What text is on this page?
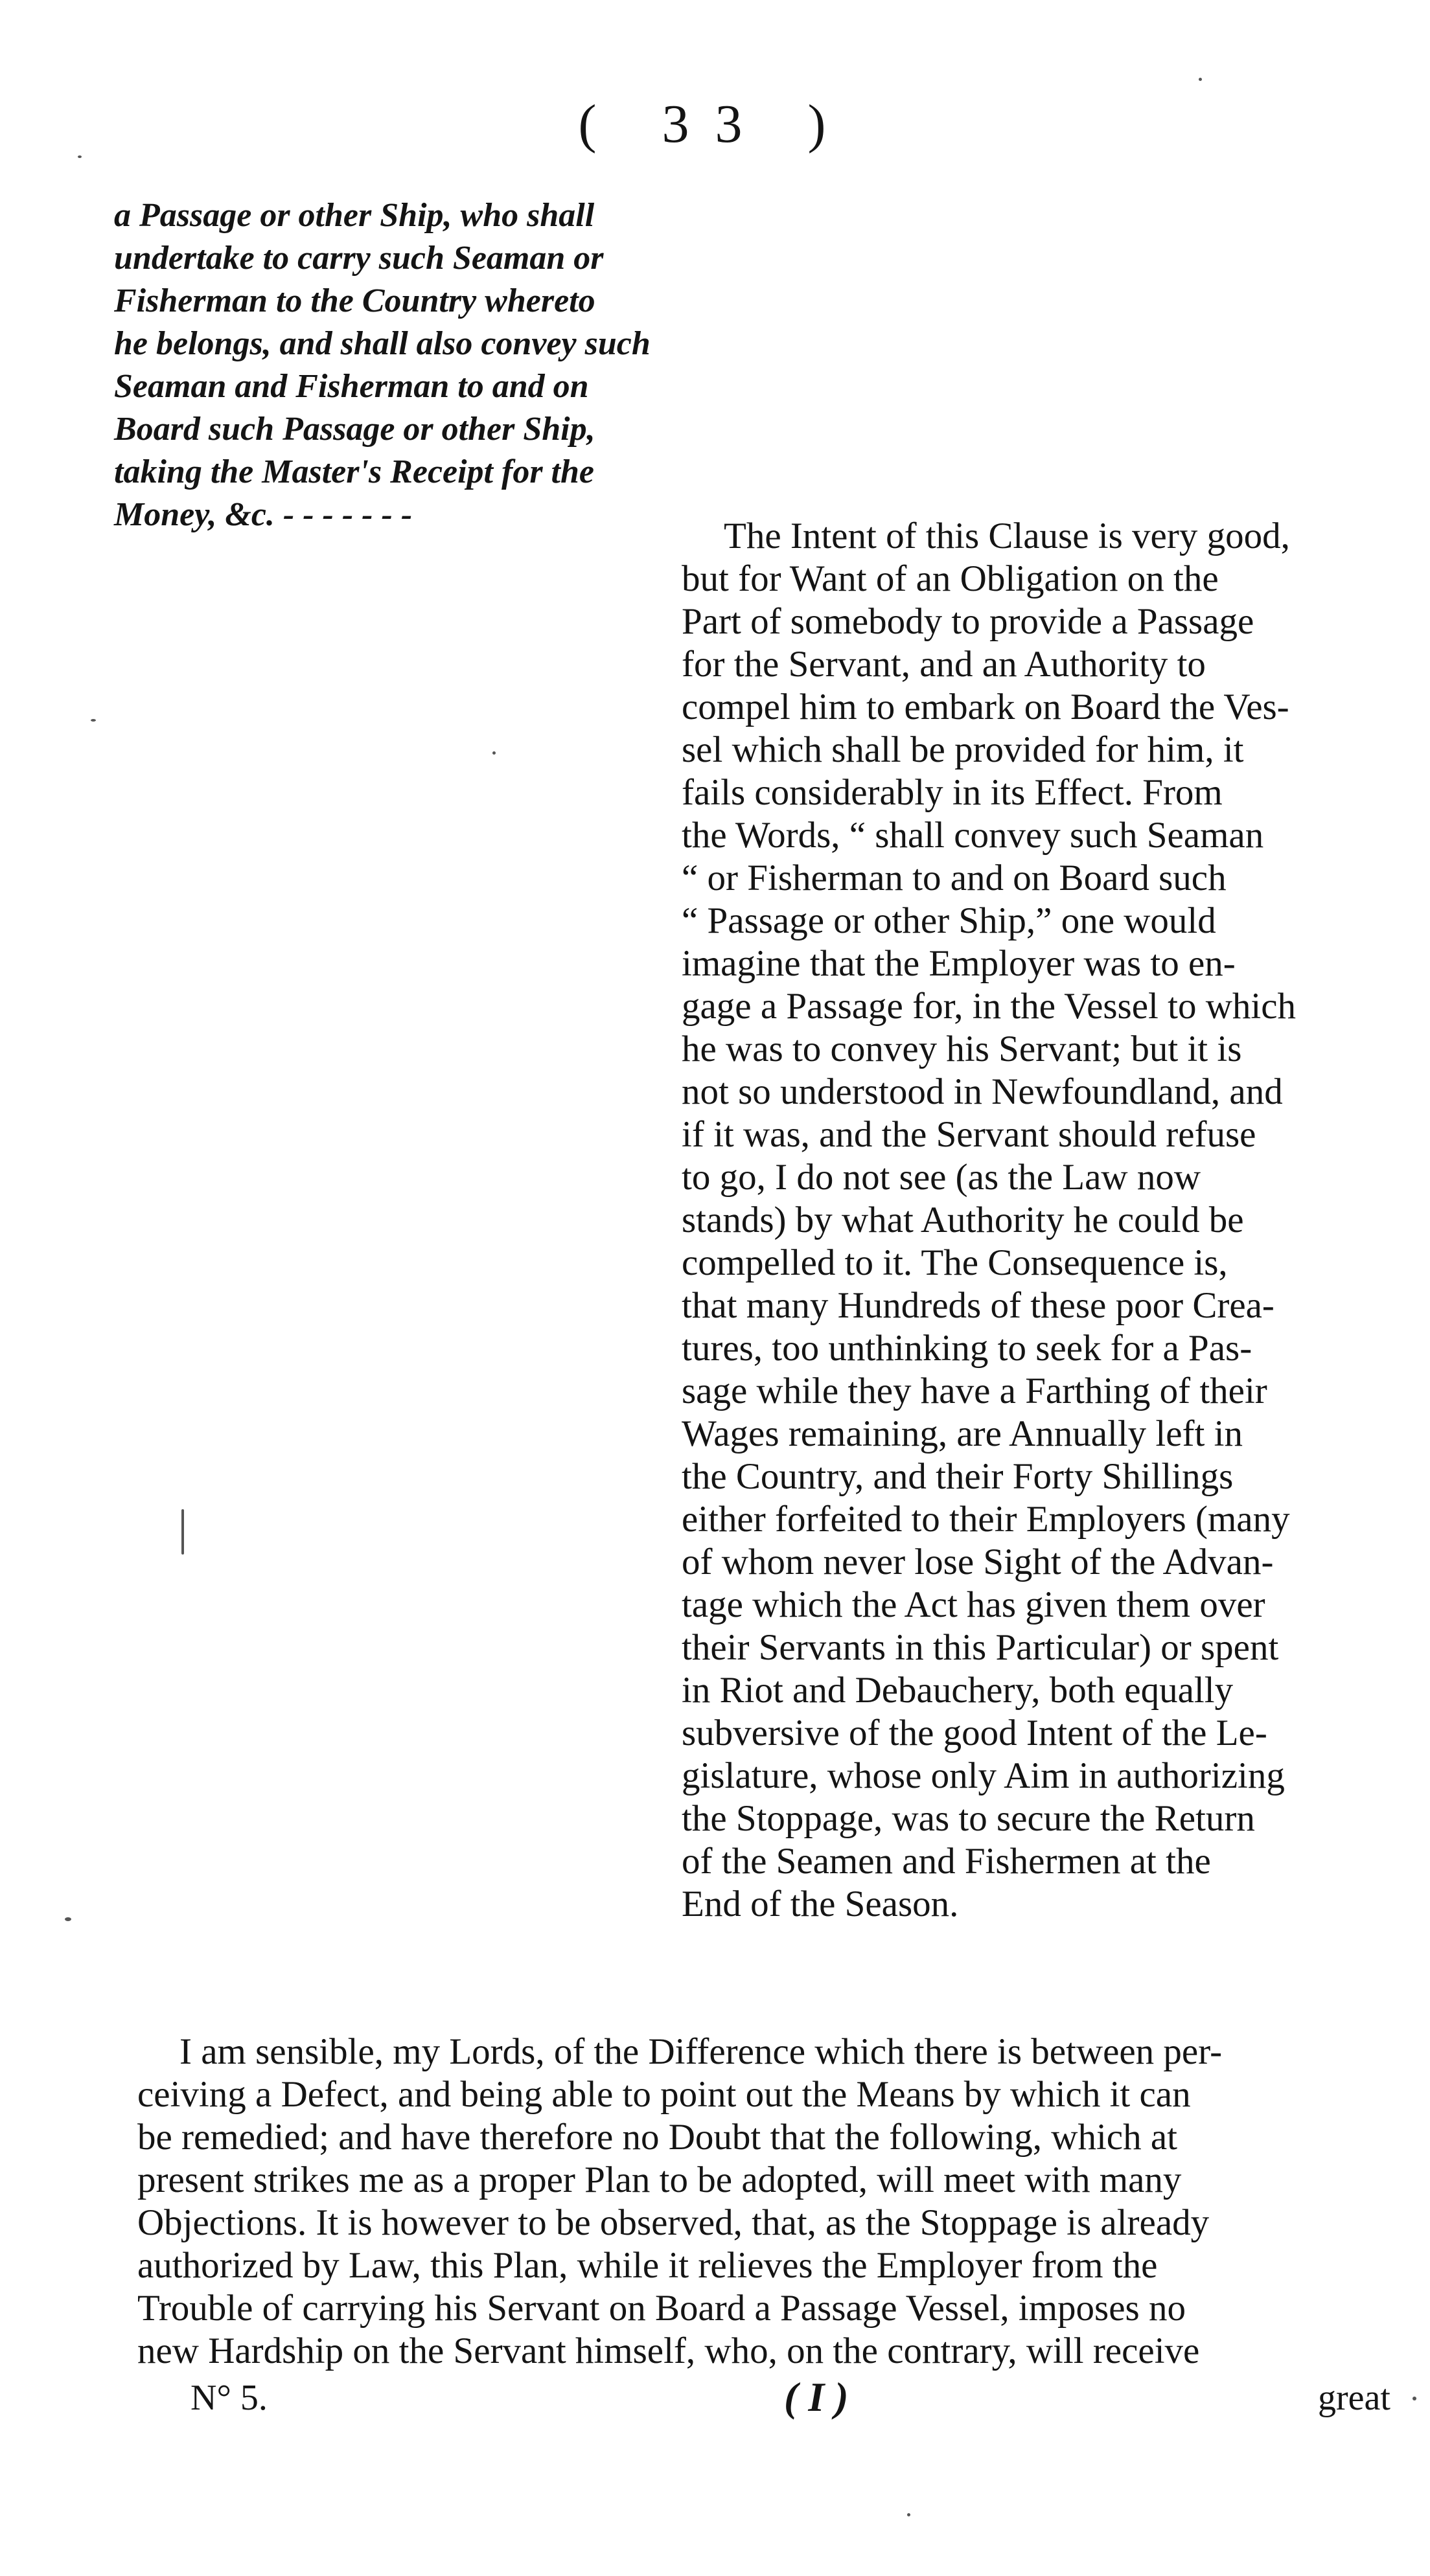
( 33 )
a Passage or other Ship, who shall
undertake to carry such Seaman or
Fisherman to the Country whereto
he belongs, and shall also convey such
Seaman and Fisherman to and on
Board such Passage or other Ship,
taking the Master's Receipt for the
Money, &c. - - - - - - -
The Intent of this Clause is very good,
but for Want of an Obligation on the
Part of somebody to provide a Passage
for the Servant, and an Authority to
compel him to embark on Board the Ves-
sel which shall be provided for him, it
fails considerably in its Effect. From
the Words, “ shall convey such Seaman
“ or Fisherman to and on Board such
“ Passage or other Ship,” one would
imagine that the Employer was to en-
gage a Passage for, in the Vessel to which
he was to convey his Servant; but it is
not so understood in Newfoundland, and
if it was, and the Servant should refuse
to go, I do not see (as the Law now
stands) by what Authority he could be
compelled to it. The Consequence is,
that many Hundreds of these poor Crea-
tures, too unthinking to seek for a Pas-
sage while they have a Farthing of their
Wages remaining, are Annually left in
the Country, and their Forty Shillings
either forfeited to their Employers (many
of whom never lose Sight of the Advan-
tage which the Act has given them over
their Servants in this Particular) or spent
in Riot and Debauchery, both equally
subversive of the good Intent of the Le-
gislature, whose only Aim in authorizing
the Stoppage, was to secure the Return
of the Seamen and Fishermen at the
End of the Season.
I am sensible, my Lords, of the Difference which there is between per-
ceiving a Defect, and being able to point out the Means by which it can
be remedied; and have therefore no Doubt that the following, which at
present strikes me as a proper Plan to be adopted, will meet with many
Objections. It is however to be observed, that, as the Stoppage is already
authorized by Law, this Plan, while it relieves the Employer from the
Trouble of carrying his Servant on Board a Passage Vessel, imposes no
new Hardship on the Servant himself, who, on the contrary, will receive
N° 5.	( I )	great
